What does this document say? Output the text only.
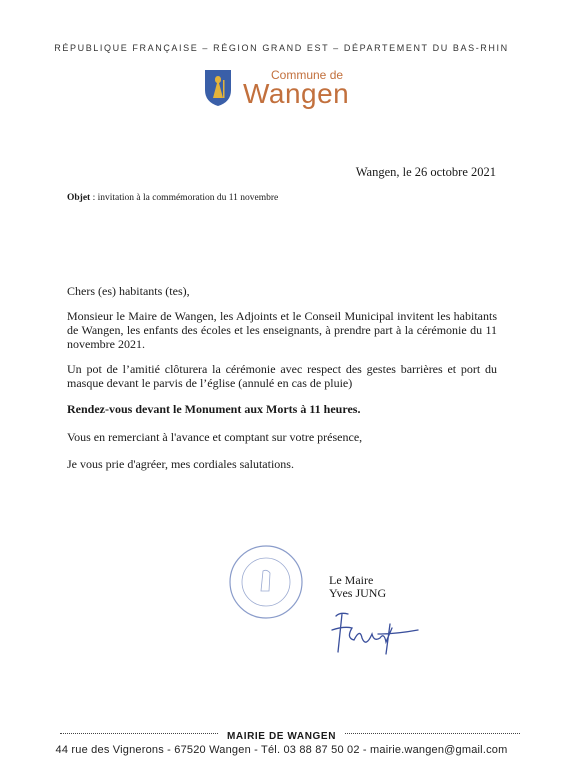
RÉPUBLIQUE FRANÇAISE – RÉGION GRAND EST – DÉPARTEMENT DU BAS-RHIN
Commune de
Wangen
Wangen, le 26 octobre 2021
Objet : invitation à la commémoration du 11 novembre
Chers (es) habitants (tes),
Monsieur le Maire de Wangen, les Adjoints et le Conseil Municipal invitent les habitants de Wangen, les enfants des écoles et les enseignants, à prendre part à la cérémonie du 11 novembre 2021.
Un pot de l’amitié clôturera la cérémonie avec respect des gestes barrières et port du masque devant le parvis de l’église (annulé en cas de pluie)
Rendez-vous devant le Monument aux Morts à 11 heures.
Vous en remerciant à l'avance et comptant sur votre présence,
Je vous prie d'agréer, mes cordiales salutations.
Le Maire
Yves JUNG
MAIRIE DE WANGEN
44 rue des Vignerons - 67520 Wangen - Tél. 03 88 87 50 02 - mairie.wangen@gmail.com
